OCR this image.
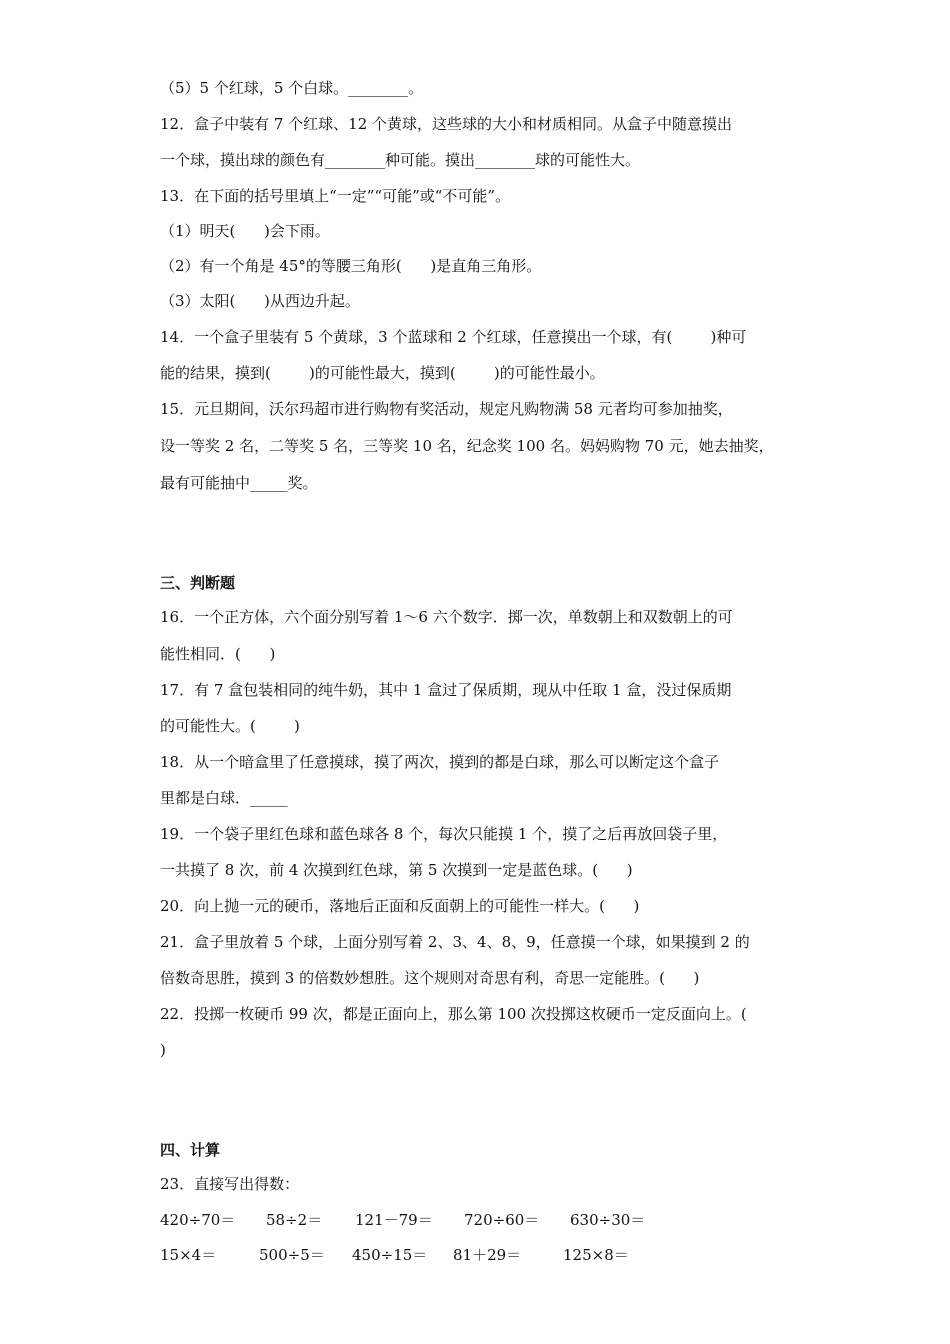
（5）5 个红球，5 个白球。________。
12．盒子中装有 7 个红球、12 个黄球，这些球的大小和材质相同。从盒子中随意摸出
一个球，摸出球的颜色有________种可能。摸出________球的可能性大。
13．在下面的括号里填上“一定”“可能”或“不可能”。
（1）明天(      )会下雨。
（2）有一个角是 45°的等腰三角形(      )是直角三角形。
（3）太阳(      )从西边升起。
14．一个盒子里装有 5 个黄球，3 个蓝球和 2 个红球，任意摸出一个球，有(        )种可
能的结果，摸到(        )的可能性最大，摸到(        )的可能性最小。
15．元旦期间，沃尔玛超市进行购物有奖活动，规定凡购物满 58 元者均可参加抽奖，
设一等奖 2 名，二等奖 5 名，三等奖 10 名，纪念奖 100 名。妈妈购物 70 元，她去抽奖，
最有可能抽中_____奖。
三、判断题
16．一个正方体，六个面分别写着 1～6 六个数字．掷一次，单数朝上和双数朝上的可
能性相同．(      )
17．有 7 盒包装相同的纯牛奶，其中 1 盒过了保质期，现从中任取 1 盒，没过保质期
的可能性大。(        )
18．从一个暗盒里了任意摸球，摸了两次，摸到的都是白球，那么可以断定这个盒子
里都是白球．_____
19．一个袋子里红色球和蓝色球各 8 个，每次只能摸 1 个，摸了之后再放回袋子里，
一共摸了 8 次，前 4 次摸到红色球，第 5 次摸到一定是蓝色球。(      )
20．向上抛一元的硬币，落地后正面和反面朝上的可能性一样大。(      )
21．盒子里放着 5 个球，上面分别写着 2、3、4、8、9，任意摸一个球，如果摸到 2 的
倍数奇思胜，摸到 3 的倍数妙想胜。这个规则对奇思有利，奇思一定能胜。(      )
22．投掷一枚硬币 99 次，都是正面向上，那么第 100 次投掷这枚硬币一定反面向上。(
)
四、计算
23．直接写出得数：
420÷70＝ 58÷2＝ 121－79＝ 720÷60＝ 630÷30＝
15×4＝	500÷5＝ 450÷15＝ 81＋29＝	125×8＝
